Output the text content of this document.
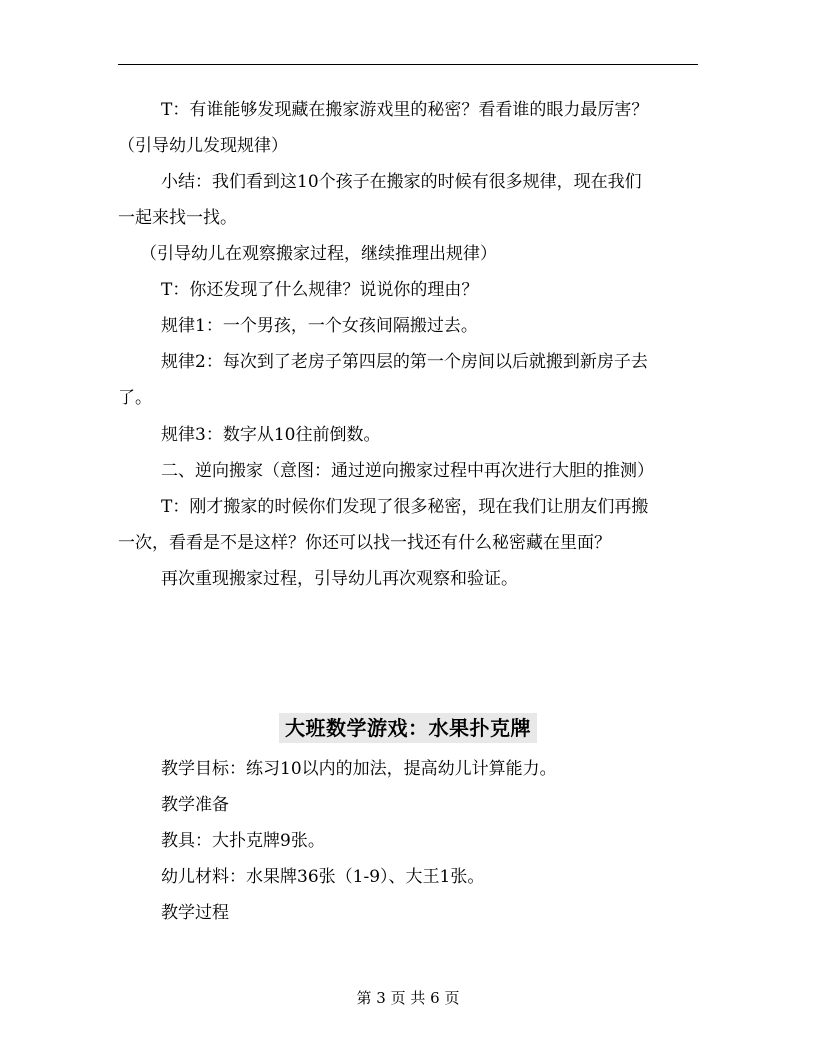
T：有谁能够发现藏在搬家游戏里的秘密？看看谁的眼力最厉害？
（引导幼儿发现规律）
小结：我们看到这10个孩子在搬家的时候有很多规律，现在我们
一起来找一找。
（引导幼儿在观察搬家过程，继续推理出规律）
T：你还发现了什么规律？说说你的理由？
规律1：一个男孩，一个女孩间隔搬过去。
规律2：每次到了老房子第四层的第一个房间以后就搬到新房子去
了。
规律3：数字从10往前倒数。
二、逆向搬家（意图：通过逆向搬家过程中再次进行大胆的推测）
T：刚才搬家的时候你们发现了很多秘密，现在我们让朋友们再搬
一次，看看是不是这样？你还可以找一找还有什么秘密藏在里面？
再次重现搬家过程，引导幼儿再次观察和验证。
大班数学游戏：水果扑克牌
教学目标：练习10以内的加法，提高幼儿计算能力。
教学准备
教具：大扑克牌9张。
幼儿材料：水果牌36张（1-9）、大王1张。
教学过程
第 3 页 共 6 页
